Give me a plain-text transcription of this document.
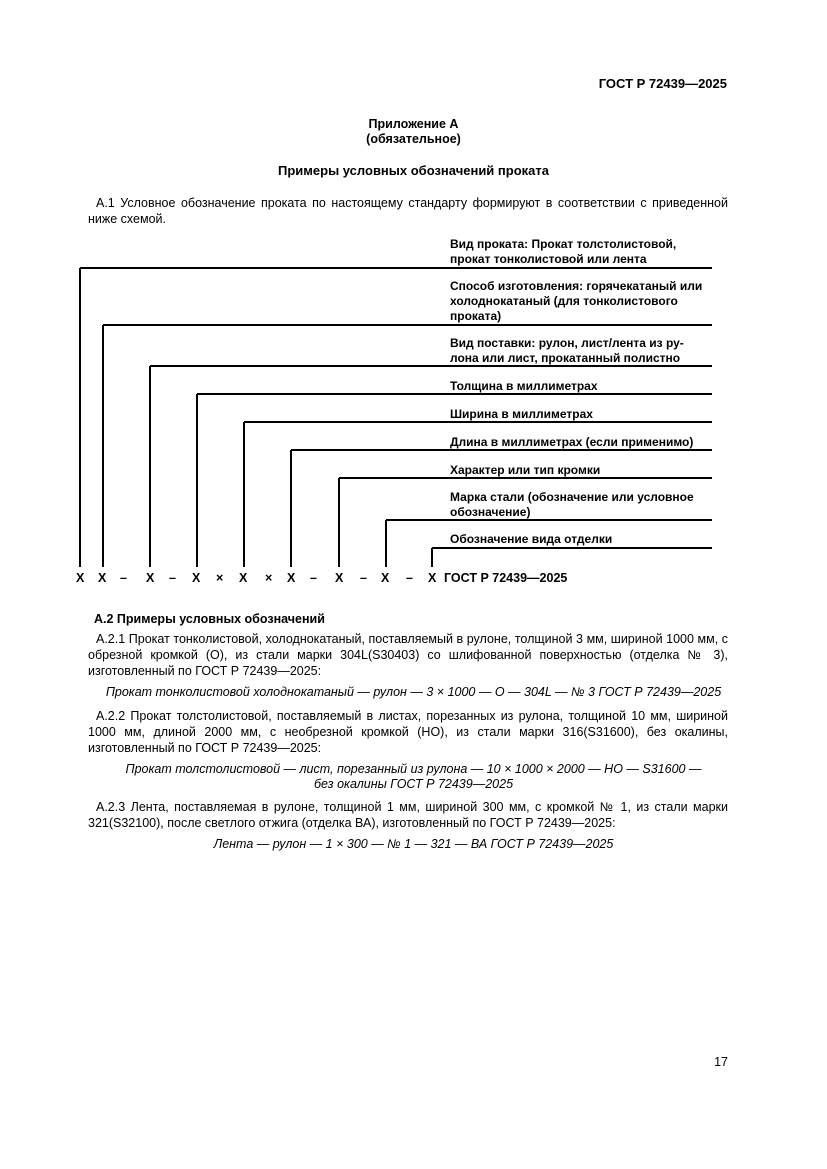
ГОСТ Р 72439—2025
Приложение А
(обязательное)
Примеры условных обозначений проката
А.1 Условное обозначение проката по настоящему стандарту формируют в соответствии с приведенной ниже схемой.
Вид проката: Прокат толстолистовой, прокат тонколистовой или лента
Способ изготовления: горячекатаный или холоднокатаный (для тонколистового проката)
Вид поставки: рулон, лист/лента из ру-лона или лист, прокатанный полистно
Толщина в миллиметрах
Ширина в миллиметрах
Длина в миллиметрах (если применимо)
Характер или тип кромки
Марка стали (обозначение или условное обозначение)
Обозначение вида отделки
X X – X – X × X × X – X – X – X ГОСТ Р 72439—2025
А.2 Примеры условных обозначений
А.2.1 Прокат тонколистовой, холоднокатаный, поставляемый в рулоне, толщиной 3 мм, шириной 1000 мм, с обрезной кромкой (О), из стали марки 304L(S30403) со шлифованной поверхностью (отделка № 3), изготовленный по ГОСТ Р 72439—2025:
Прокат тонколистовой холоднокатаный — рулон — 3 × 1000 — О — 304L — № 3 ГОСТ Р 72439—2025
А.2.2 Прокат толстолистовой, поставляемый в листах, порезанных из рулона, толщиной 10 мм, шириной 1000 мм, длиной 2000 мм, с необрезной кромкой (НО), из стали марки 316(S31600), без окалины, изготовленный по ГОСТ Р 72439—2025:
Прокат толстолистовой — лист, порезанный из рулона — 10 × 1000 × 2000 — НО — S31600 —
без окалины ГОСТ Р 72439—2025
А.2.3 Лента, поставляемая в рулоне, толщиной 1 мм, шириной 300 мм, с кромкой № 1, из стали марки 321(S32100), после светлого отжига (отделка ВА), изготовленный по ГОСТ Р 72439—2025:
Лента — рулон — 1 × 300 — № 1 — 321 — ВА ГОСТ Р 72439—2025
17
